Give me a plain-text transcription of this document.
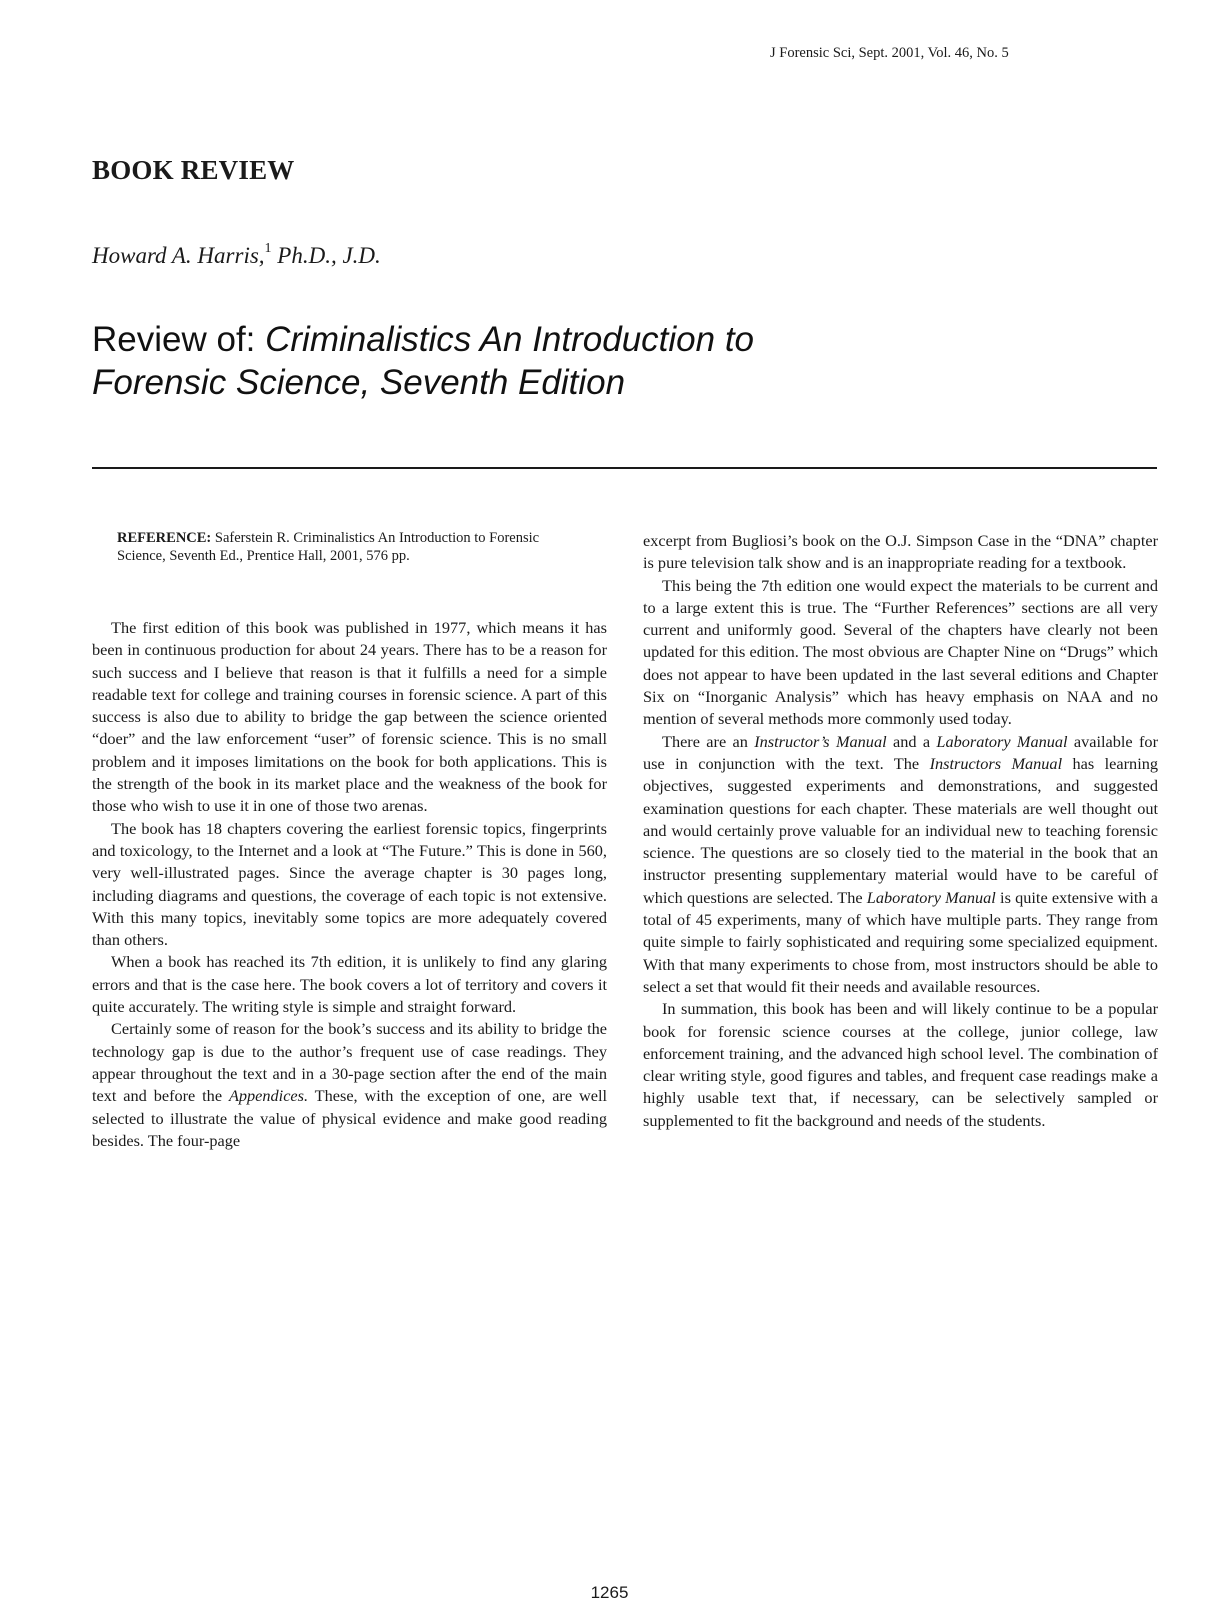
J Forensic Sci, Sept. 2001, Vol. 46, No. 5
BOOK REVIEW
Howard A. Harris,$^1$ Ph.D., J.D.
Review of: Criminalistics An Introduction to
Forensic Science, Seventh Edition
REFERENCE: Saferstein R. Criminalistics An Introduction to Forensic Science, Seventh Ed., Prentice Hall, 2001, 576 pp.

The first edition of this book was published in 1977, which means it has been in continuous production for about 24 years. There has to be a reason for such success and I believe that reason is that it fulfills a need for a simple readable text for college and training courses in forensic science. A part of this success is also due to ability to bridge the gap between the science oriented “doer” and the law enforcement “user” of forensic science. This is no small problem and it imposes limitations on the book for both applications. This is the strength of the book in its market place and the weakness of the book for those who wish to use it in one of those two arenas.

The book has 18 chapters covering the earliest forensic topics, fingerprints and toxicology, to the Internet and a look at “The Future.” This is done in 560, very well-illustrated pages. Since the average chapter is 30 pages long, including diagrams and questions, the coverage of each topic is not extensive. With this many topics, inevitably some topics are more adequately covered than others.

When a book has reached its 7th edition, it is unlikely to find any glaring errors and that is the case here. The book covers a lot of territory and covers it quite accurately. The writing style is simple and straight forward.

Certainly some of reason for the book’s success and its ability to bridge the technology gap is due to the author’s frequent use of case readings. They appear throughout the text and in a 30-page section after the end of the main text and before the Appendices. These, with the exception of one, are well selected to illustrate the value of physical evidence and make good reading besides. The four-page

excerpt from Bugliosi’s book on the O.J. Simpson Case in the “DNA” chapter is pure television talk show and is an inappropriate reading for a textbook.

This being the 7th edition one would expect the materials to be current and to a large extent this is true. The “Further References” sections are all very current and uniformly good. Several of the chapters have clearly not been updated for this edition. The most obvious are Chapter Nine on “Drugs” which does not appear to have been updated in the last several editions and Chapter Six on “Inorganic Analysis” which has heavy emphasis on NAA and no mention of several methods more commonly used today.

There are an Instructor’s Manual and a Laboratory Manual available for use in conjunction with the text. The Instructors Manual has learning objectives, suggested experiments and demonstrations, and suggested examination questions for each chapter. These materials are well thought out and would certainly prove valuable for an individual new to teaching forensic science. The questions are so closely tied to the material in the book that an instructor presenting supplementary material would have to be careful of which questions are selected. The Laboratory Manual is quite extensive with a total of 45 experiments, many of which have multiple parts. They range from quite simple to fairly sophisticated and requiring some specialized equipment. With that many experiments to chose from, most instructors should be able to select a set that would fit their needs and available resources.

In summation, this book has been and will likely continue to be a popular book for forensic science courses at the college, junior college, law enforcement training, and the advanced high school level. The combination of clear writing style, good figures and tables, and frequent case readings make a highly usable text that, if necessary, can be selectively sampled or supplemented to fit the background and needs of the students.

1265
